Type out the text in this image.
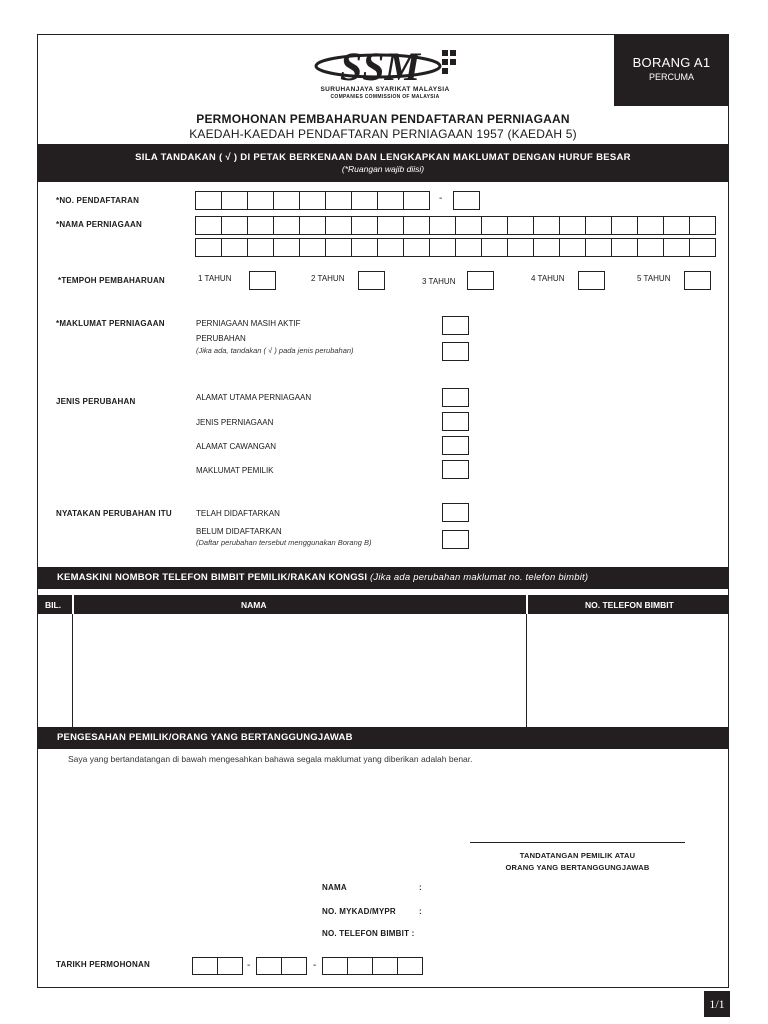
BORANG A1
PERCUMA
SSM
SURUHANJAYA SYARIKAT MALAYSIA
COMPANIES COMMISSION OF MALAYSIA
PERMOHONAN PEMBAHARUAN PENDAFTARAN PERNIAGAAN
KAEDAH-KAEDAH PENDAFTARAN PERNIAGAAN 1957 (KAEDAH 5)
SILA TANDAKAN ( √ ) DI PETAK BERKENAAN DAN LENGKAPKAN MAKLUMAT DENGAN HURUF BESAR
(*Ruangan wajib diisi)
*NO. PENDAFTARAN	-
*NAMA PERNIAGAAN
*TEMPOH PEMBAHARUAN	1 TAHUN	2 TAHUN	3 TAHUN	4 TAHUN	5 TAHUN
*MAKLUMAT PERNIAGAAN	PERNIAGAAN MASIH AKTIF
PERUBAHAN
(Jika ada, tandakan ( √ ) pada jenis perubahan)
JENIS PERUBAHAN	ALAMAT UTAMA PERNIAGAAN
JENIS PERNIAGAAN
ALAMAT CAWANGAN
MAKLUMAT PEMILIK
NYATAKAN PERUBAHAN ITU	TELAH DIDAFTARKAN
BELUM DIDAFTARKAN
(Daftar perubahan tersebut menggunakan Borang B)
KEMASKINI NOMBOR TELEFON BIMBIT PEMILIK/RAKAN KONGSI (Jika ada perubahan maklumat no. telefon bimbit)
BIL.	NAMA	NO. TELEFON BIMBIT
PENGESAHAN PEMILIK/ORANG YANG BERTANGGUNGJAWAB
Saya yang bertandatangan di bawah mengesahkan bahawa segala maklumat yang diberikan adalah benar.
TANDATANGAN PEMILIK ATAU
ORANG YANG BERTANGGUNGJAWAB
NAMA	:
NO. MYKAD/MYPR	:
NO. TELEFON BIMBIT :
TARIKH PERMOHONAN	-	-
1/1
